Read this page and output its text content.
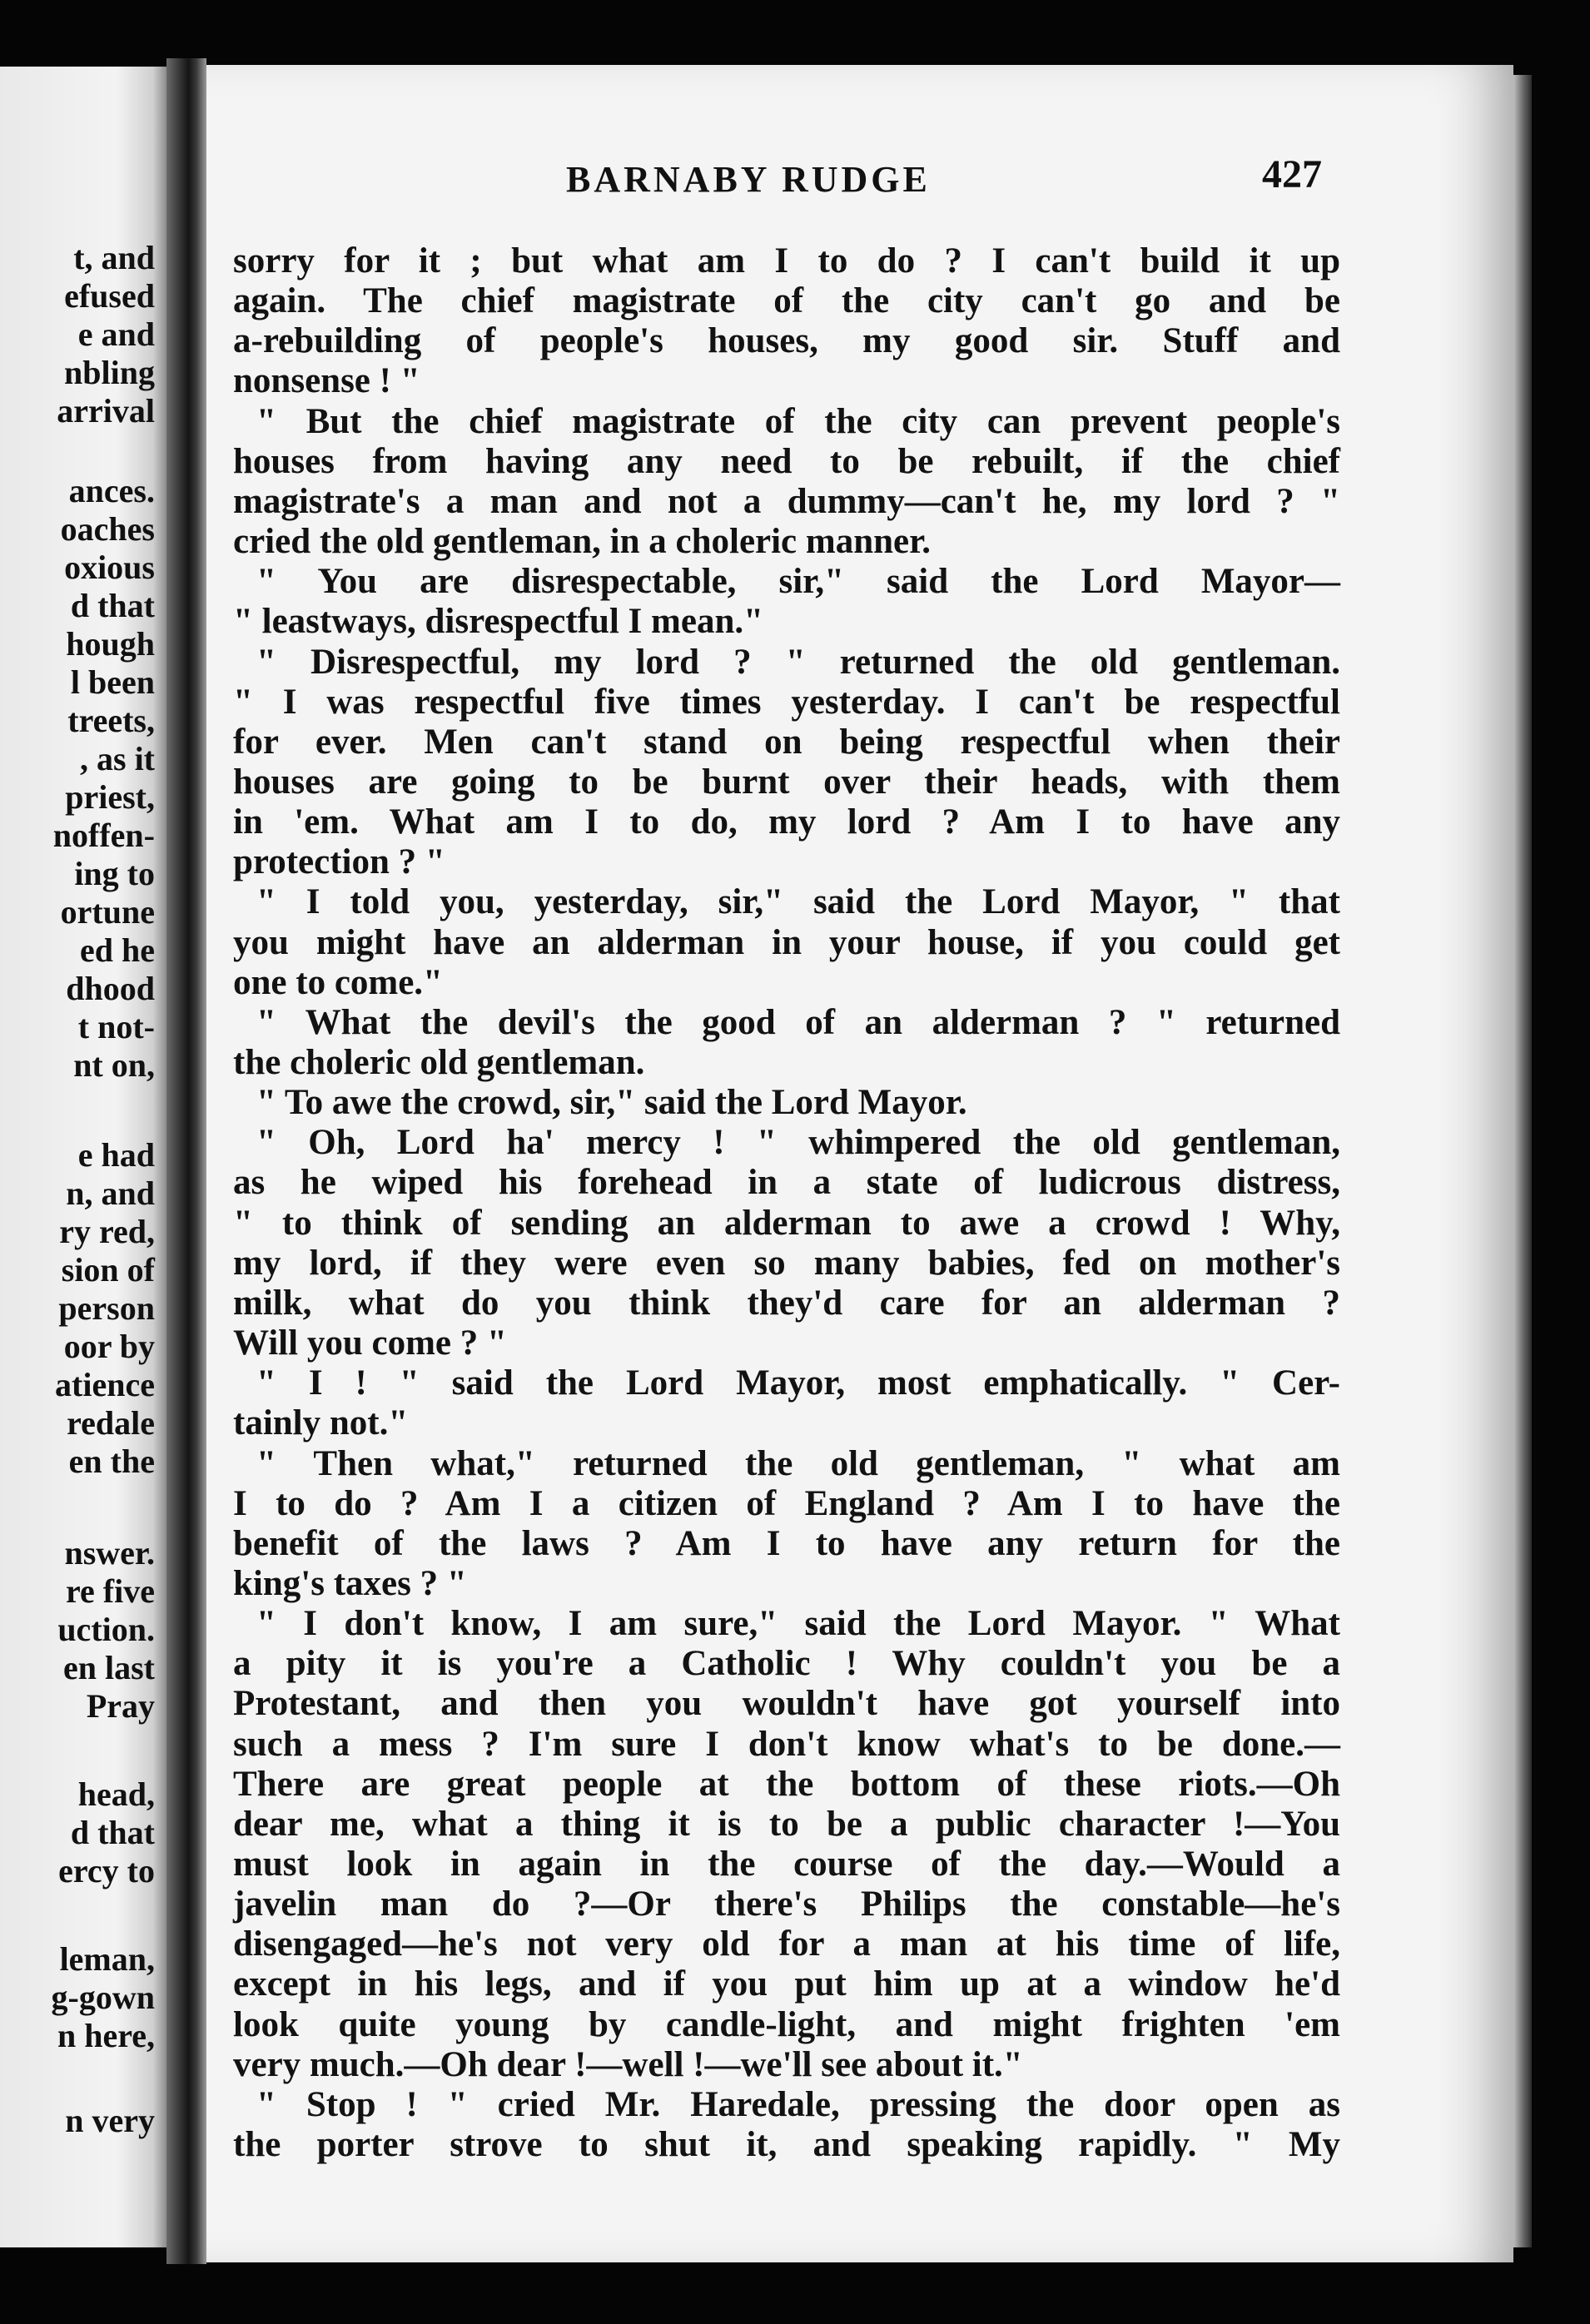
t, and
efused
e and
nbling
arrival
ances.
oaches
oxious
d that
hough
l been
treets,
, as it
priest,
noffen-
ing to
ortune
ed he
dhood
t not-
nt on,
e had
n, and
ry red,
sion of
person
oor by
atience
redale
en the
nswer.
re five
uction.
en last
Pray
head,
d that
ercy to
leman,
g-gown
n here,
n very
BARNABY RUDGE	427
sorry for it ; but what am I to do ? I can't build it up
again. The chief magistrate of the city can't go and be
a-rebuilding of people's houses, my good sir. Stuff and
nonsense ! "
" But the chief magistrate of the city can prevent people's
houses from having any need to be rebuilt, if the chief
magistrate's a man and not a dummy—can't he, my lord ? "
cried the old gentleman, in a choleric manner.
" You are disrespectable, sir," said the Lord Mayor—
" leastways, disrespectful I mean."
" Disrespectful, my lord ? " returned the old gentleman.
" I was respectful five times yesterday. I can't be respectful
for ever. Men can't stand on being respectful when their
houses are going to be burnt over their heads, with them
in 'em. What am I to do, my lord ? Am I to have any
protection ? "
" I told you, yesterday, sir," said the Lord Mayor, " that
you might have an alderman in your house, if you could get
one to come."
" What the devil's the good of an alderman ? " returned
the choleric old gentleman.
" To awe the crowd, sir," said the Lord Mayor.
" Oh, Lord ha' mercy ! " whimpered the old gentleman,
as he wiped his forehead in a state of ludicrous distress,
" to think of sending an alderman to awe a crowd ! Why,
my lord, if they were even so many babies, fed on mother's
milk, what do you think they'd care for an alderman ?
Will you come ? "
" I ! " said the Lord Mayor, most emphatically. " Cer-
tainly not."
" Then what," returned the old gentleman, " what am
I to do ? Am I a citizen of England ? Am I to have the
benefit of the laws ? Am I to have any return for the
king's taxes ? "
" I don't know, I am sure," said the Lord Mayor. " What
a pity it is you're a Catholic ! Why couldn't you be a
Protestant, and then you wouldn't have got yourself into
such a mess ? I'm sure I don't know what's to be done.—
There are great people at the bottom of these riots.—Oh
dear me, what a thing it is to be a public character !—You
must look in again in the course of the day.—Would a
javelin man do ?—Or there's Philips the constable—he's
disengaged—he's not very old for a man at his time of life,
except in his legs, and if you put him up at a window he'd
look quite young by candle-light, and might frighten 'em
very much.—Oh dear !—well !—we'll see about it."
" Stop ! " cried Mr. Haredale, pressing the door open as
the porter strove to shut it, and speaking rapidly. " My
